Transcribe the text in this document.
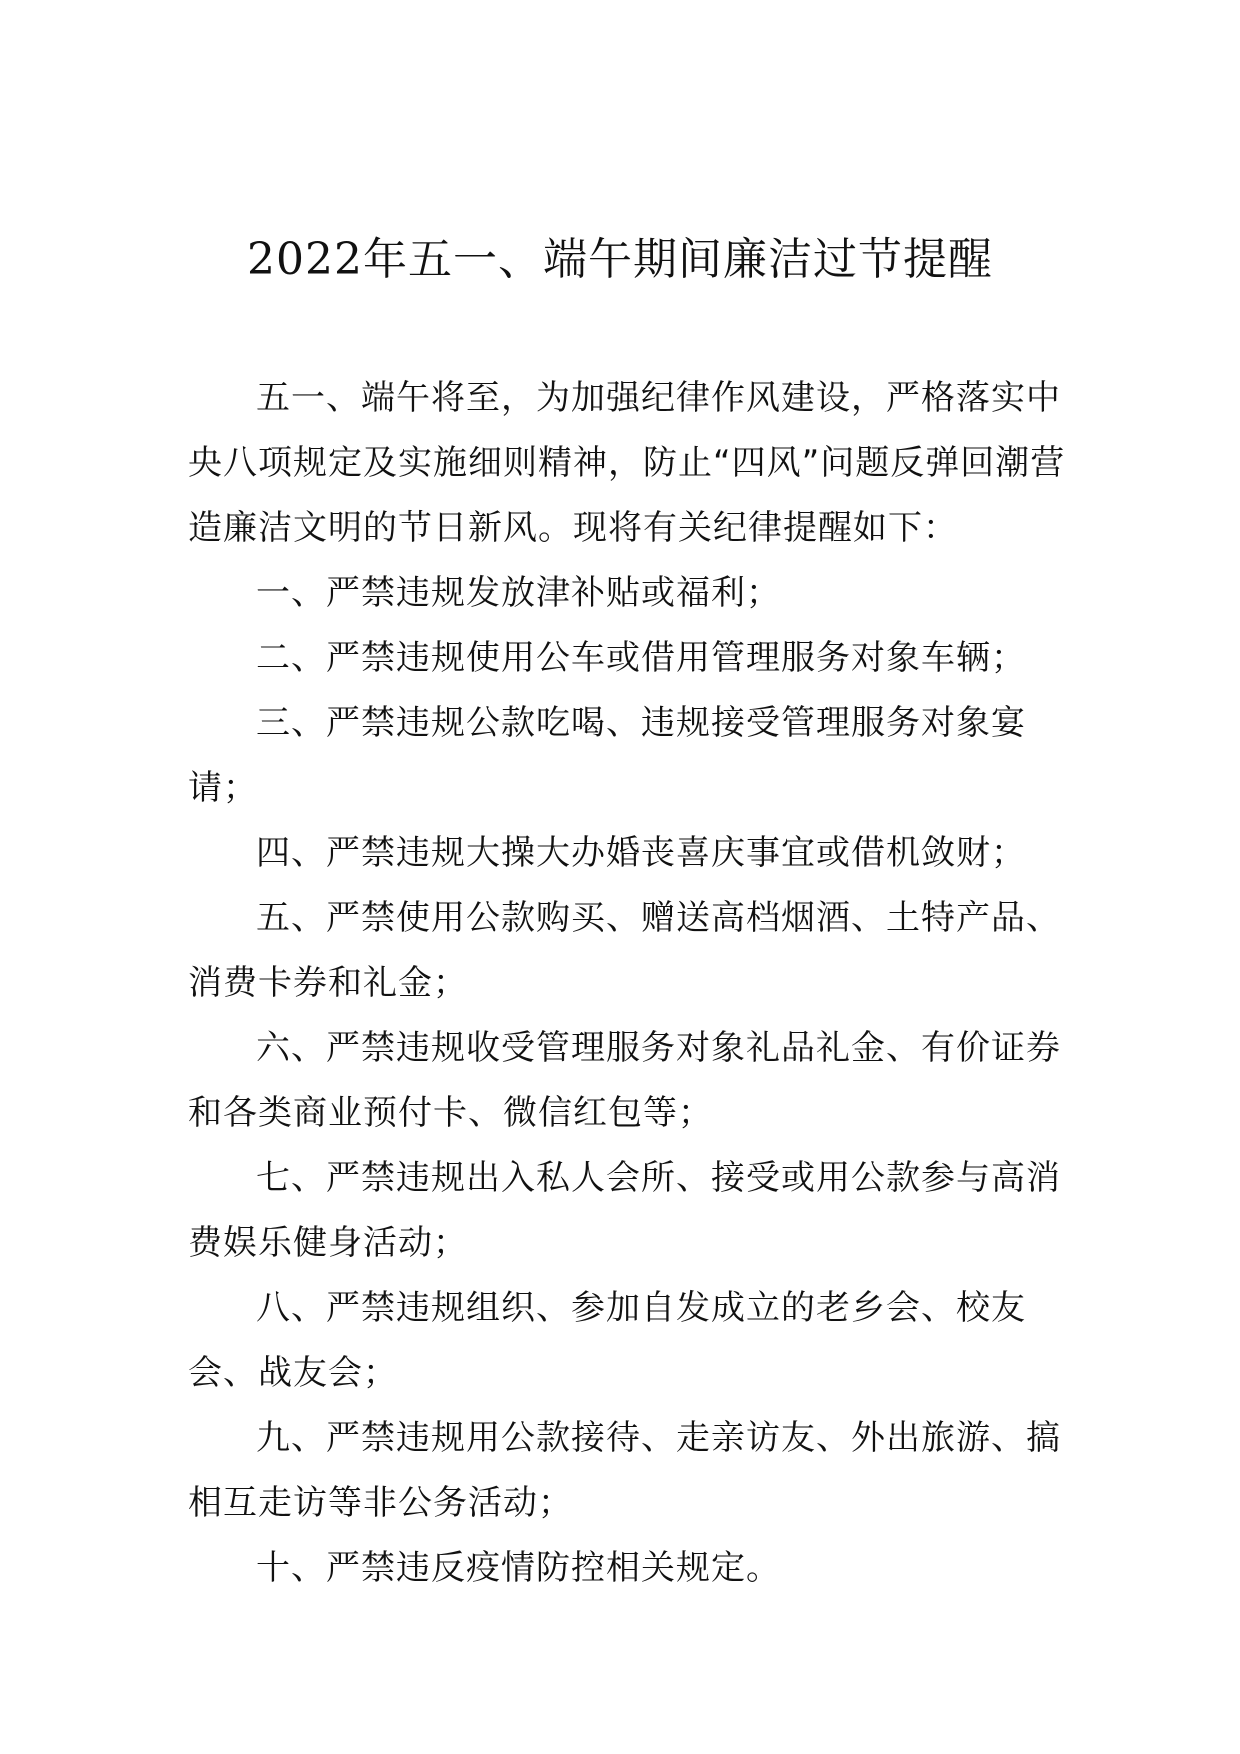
2022年五一、端午期间廉洁过节提醒

五一、端午将至，为加强纪律作风建设，严格落实中央八项规定及实施细则精神，防止“四风”问题反弹回潮营造廉洁文明的节日新风。现将有关纪律提醒如下：

一、严禁违规发放津补贴或福利；

二、严禁违规使用公车或借用管理服务对象车辆；

三、严禁违规公款吃喝、违规接受管理服务对象宴请；

四、严禁违规大操大办婚丧喜庆事宜或借机敛财；

五、严禁使用公款购买、赠送高档烟酒、土特产品、消费卡券和礼金；

六、严禁违规收受管理服务对象礼品礼金、有价证券和各类商业预付卡、微信红包等；

七、严禁违规出入私人会所、接受或用公款参与高消费娱乐健身活动；

八、严禁违规组织、参加自发成立的老乡会、校友会、战友会；

九、严禁违规用公款接待、走亲访友、外出旅游、搞相互走访等非公务活动；

十、严禁违反疫情防控相关规定。
